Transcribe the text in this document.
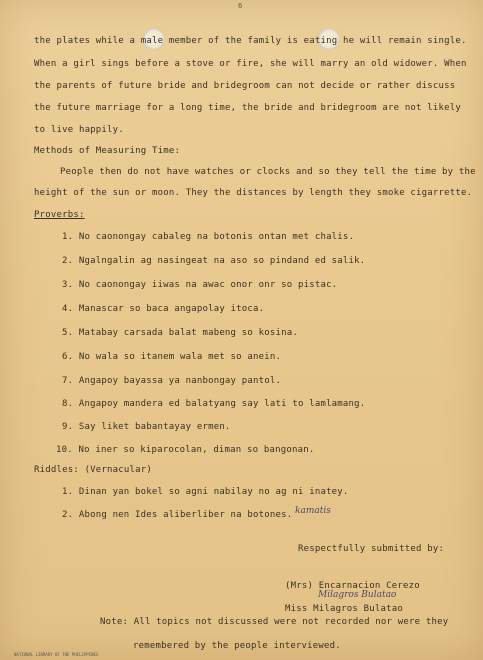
6
the plates while a male member of the family is eating he will remain single.
When a girl sings before a stove or fire, she will marry an old widower. When
the parents of future bride and bridegroom can not decide or rather discuss
the future marriage for a long time, the bride and bridegroom are not likely
to live happily.
Methods of Measuring Time:
People then do not have watches or clocks and so they tell the time by the
height of the sun or moon. They the distances by length they smoke cigarrette.
Proverbs:
1. No caonongay cabaleg na botonis ontan met chalis.
2. Ngalngalin ag nasingeat na aso so pindand ed salik.
3. No caonongay iiwas na awac onor onr so pistac.
4. Manascar so baca angapolay itoca.
5. Matabay carsada balat mabeng so kosina.
6. No wala so itanem wala met so anein.
7. Angapoy bayassa ya nanbongay pantol.
8. Angapoy mandera ed balatyang say lati to lamlamang.
9. Say liket babantayay ermen.
10. No iner so kiparocolan, diman so bangonan.
Riddles: (Vernacular)
1. Dinan yan bokel so agni nabilay no ag ni inatey.
2. Abong nen Ides aliberliber na botones. kamatis
Respectfully submitted by:
(Mrs) Encarnacion Cerezo
Milagros Bulatao
Miss Milagros Bulatao
Note: All topics not discussed were not recorded nor were they
remembered by the people interviewed.
NATIONAL LIBRARY OF THE PHILIPPINES
